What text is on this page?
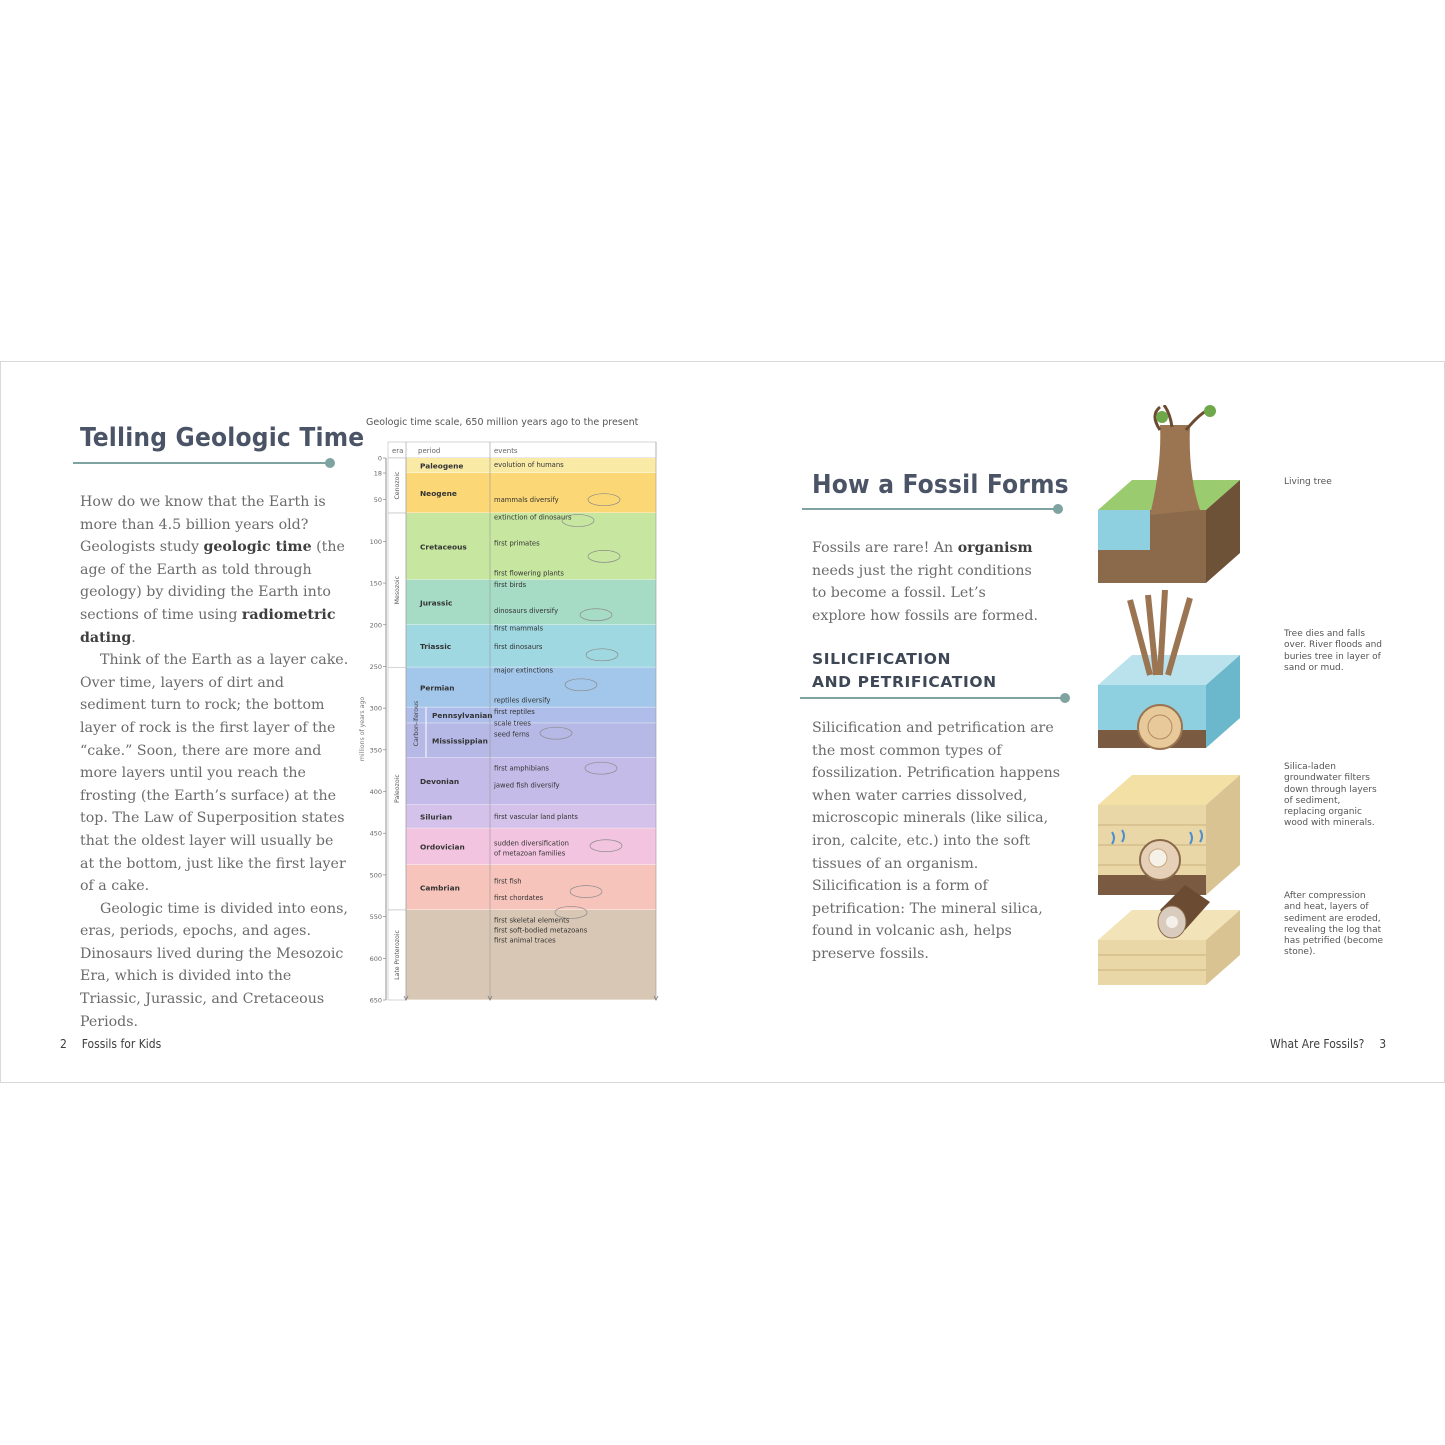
Telling Geologic Time

How do we know that the Earth is more than 4.5 billion years old? Geologists study geologic time (the age of the Earth as told through geology) by dividing the Earth into sections of time using radiometric dating.

Think of the Earth as a layer cake. Over time, layers of dirt and sediment turn to rock; the bottom layer of rock is the first layer of the “cake.” Soon, there are more and more layers until you reach the frosting (the Earth’s surface) at the top. The Law of Superposition states that the oldest layer will usually be at the bottom, just like the first layer of a cake.

Geologic time is divided into eons, eras, periods, epochs, and ages. Dinosaurs lived during the Mesozoic Era, which is divided into the Triassic, Jurassic, and Cretaceous Periods.

2 Fossils for Kids
Geologic time scale, 650 million years ago to the present
era period	events
Paleogene
Neogene
Cretaceous
Jurassic
Triassic
Permian
Pennsylvanian
Mississippian
Devonian
Silurian
Ordovician
Cambrian
Carbon-iferous
Cenozoic
Mesozoic
Paleozoic
Late Proterozoic
0
18
50
100
150
200
250
300
350
400
450
500
550
600
650
millions of years ago
evolution of humans
mammals diversify
extinction of dinosaurs
first primates
first flowering plants
first birds
dinosaurs diversify
first mammals
first dinosaurs
major extinctions
reptiles diversify
first reptiles
scale trees
seed ferns
first amphibians
jawed fish diversify
first vascular land plants
sudden diversification
of metazoan families
first fish
first chordates
first skeletal elements
first soft-bodied metazoans
first animal traces
How a Fossil Forms

Fossils are rare! An organism needs just the right conditions to become a fossil. Let’s explore how fossils are formed.

SILICIFICATION
AND PETRIFICATION

Silicification and petrification are the most common types of fossilization. Petrification happens when water carries dissolved, microscopic minerals (like silica, iron, calcite, etc.) into the soft tissues of an organism. Silicification is a form of petrification: The mineral silica, found in volcanic ash, helps preserve fossils.

What Are Fossils? 3
Living tree
Tree dies and falls over. River floods and buries tree in layer of sand or mud.
Silica-laden groundwater filters down through layers of sediment, replacing organic wood with minerals.
After compression and heat, layers of sediment are eroded, revealing the log that has petrified (become stone).
